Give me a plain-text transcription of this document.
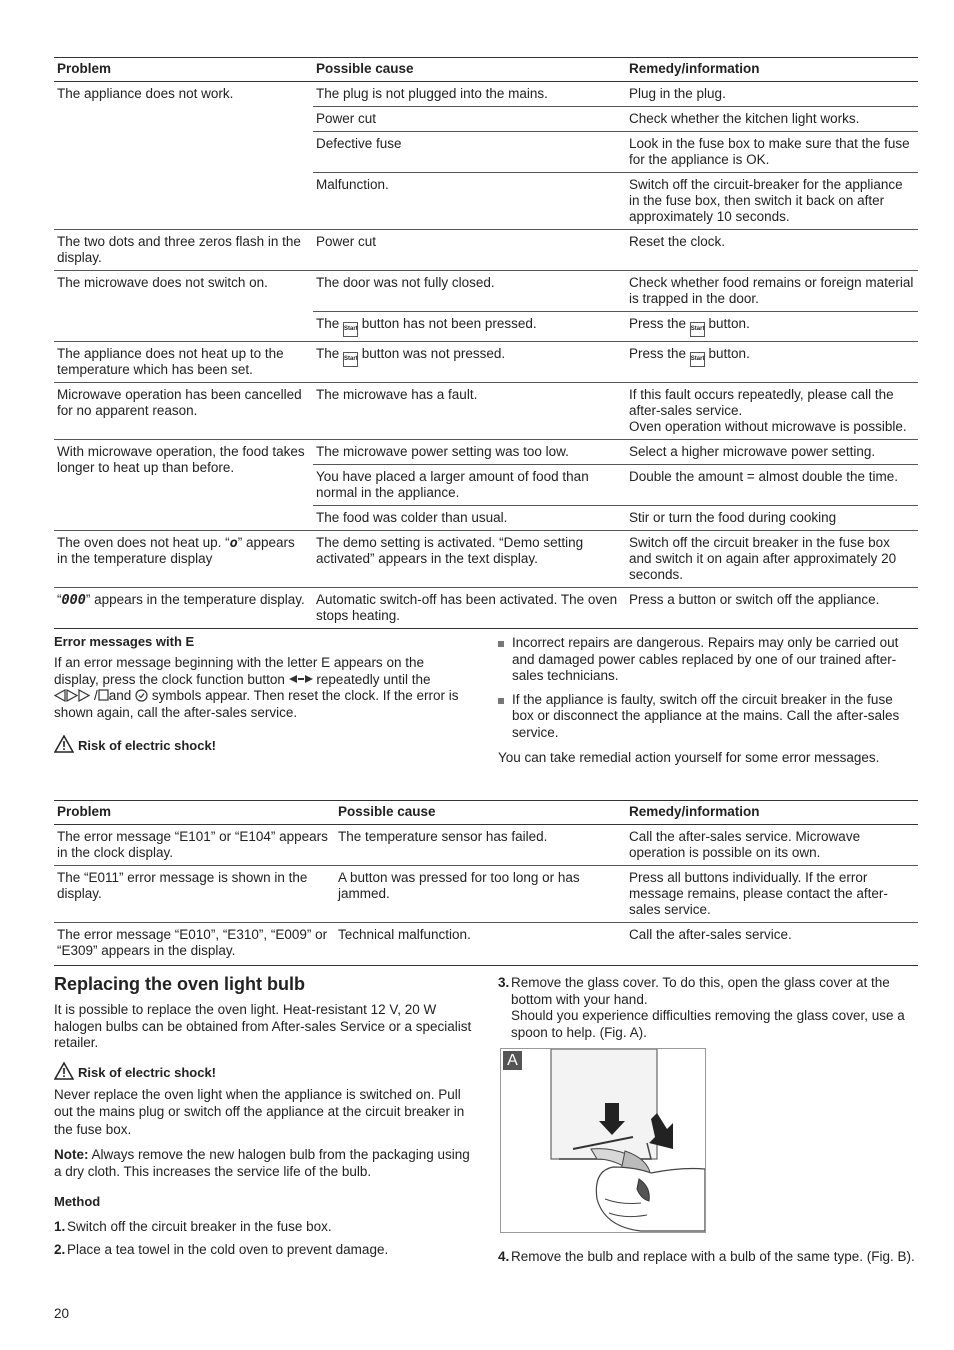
Problem	Possible cause	Remedy/information
The appliance does not work.	The plug is not plugged into the mains.	Plug in the plug.
	Power cut	Check whether the kitchen light works.
	Defective fuse	Look in the fuse box to make sure that the fuse for the appliance is OK.
	Malfunction.	Switch off the circuit-breaker for the appliance in the fuse box, then switch it back on after approximately 10 seconds.
The two dots and three zeros flash in the display.	Power cut	Reset the clock.
The microwave does not switch on.	The door was not fully closed.	Check whether food remains or foreign material is trapped in the door.
	The Start button has not been pressed.	Press the Start button.
The appliance does not heat up to the temperature which has been set.	The Start button was not pressed.	Press the Start button.
Microwave operation has been cancelled for no apparent reason.	The microwave has a fault.	If this fault occurs repeatedly, please call the after-sales service.
Oven operation without microwave is possible.

With microwave operation, the food takes longer to heat up than before.	The microwave power setting was too low.	Select a higher microwave power setting.
	You have placed a larger amount of food than normal in the appliance.	Double the amount = almost double the time.
	The food was colder than usual.	Stir or turn the food during cooking
The oven does not heat up. “o” appears in the temperature display	The demo setting is activated. “Demo setting activated” appears in the text display.	Switch off the circuit breaker in the fuse box and switch it on again after approximately 20 seconds.
“000” appears in the temperature display.	Automatic switch-off has been activated. The oven stops heating.	Press a button or switch off the appliance.
Error messages with E

If an error message beginning with the letter E appears on the display, press the clock function button repeatedly until the / and symbols appear. Then reset the clock. If the error is shown again, call the after-sales service.

Risk of electric shock!
Incorrect repairs are dangerous. Repairs may only be carried out and damaged power cables replaced by one of our trained after-sales technicians.
If the appliance is faulty, switch off the circuit breaker in the fuse box or disconnect the appliance at the mains. Call the after-sales service.

You can take remedial action yourself for some error messages.

Problem	Possible cause	Remedy/information
The error message “E101” or “E104” appears in the clock display.	The temperature sensor has failed.	Call the after-sales service. Microwave operation is possible on its own.
The “E011” error message is shown in the display.	A button was pressed for too long or has jammed.	Press all buttons individually. If the error message remains, please contact the after-sales service.
The error message “E010”, “E310”, “E009” or “E309” appears in the display.	Technical malfunction.	Call the after-sales service.
Replacing the oven light bulb

It is possible to replace the oven light. Heat-resistant 12 V, 20 W halogen bulbs can be obtained from After-sales Service or a specialist retailer.

Risk of electric shock!

Never replace the oven light when the appliance is switched on. Pull out the mains plug or switch off the appliance at the circuit breaker in the fuse box.

Note: Always remove the new halogen bulb from the packaging using a dry cloth. This increases the service life of the bulb.

Method
1. Switch off the circuit breaker in the fuse box.
2. Place a tea towel in the cold oven to prevent damage.
3. Remove the glass cover. To do this, open the glass cover at the bottom with your hand.
Should you experience difficulties removing the glass cover, use a spoon to help. (Fig. A).
A
4. Remove the bulb and replace with a bulb of the same type. (Fig. B).
20
